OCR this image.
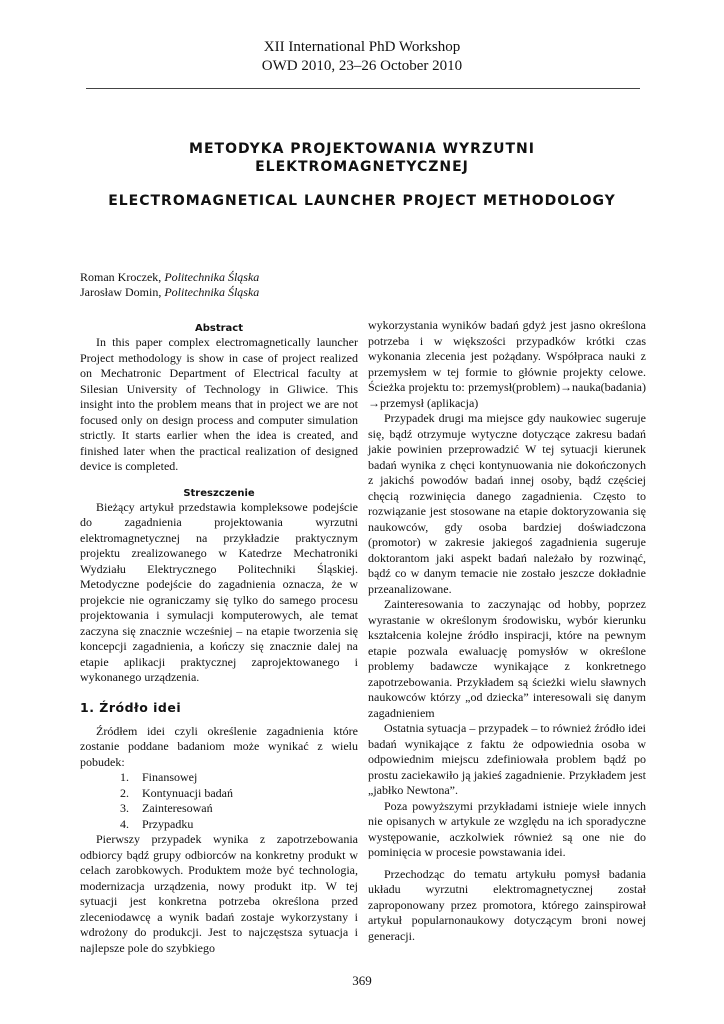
XII International PhD Workshop
OWD 2010, 23–26 October 2010
METODYKA PROJEKTOWANIA WYRZUTNI
ELEKTROMAGNETYCZNEJ
ELECTROMAGNETICAL LAUNCHER PROJECT METHODOLOGY
Roman Kroczek, Politechnika Śląska
Jarosław Domin, Politechnika Śląska
Abstract

In this paper complex electromagnetically launcher Project methodology is show in case of project realized on Mechatronic Department of Electrical faculty at Silesian University of Technology in Gliwice. This insight into the problem means that in project we are not focused only on design process and computer simulation strictly. It starts earlier when the idea is created, and finished later when the practical realization of designed device is completed.

Streszczenie

Bieżący artykuł przedstawia kompleksowe podejście do zagadnienia projektowania wyrzutni elektromagnetycznej na przykładzie praktycznym projektu zrealizowanego w Katedrze Mechatroniki Wydziału Elektrycznego Politechniki Śląskiej. Metodyczne podejście do zagadnienia oznacza, że w projekcie nie ograniczamy się tylko do samego procesu projektowania i symulacji komputerowych, ale temat zaczyna się znacznie wcześniej – na etapie tworzenia się koncepcji zagadnienia, a kończy się znacznie dalej na etapie aplikacji praktycznej zaprojektowanego i wykonanego urządzenia.

1. Źródło idei

Źródłem idei czyli określenie zagadnienia które zostanie poddane badaniom może wynikać z wielu pobudek:

1. Finansowej
2. Kontynuacji badań
3. Zainteresowań
4. Przypadku

Pierwszy przypadek wynika z zapotrzebowania odbiorcy bądź grupy odbiorców na konkretny produkt w celach zarobkowych. Produktem może być technologia, modernizacja urządzenia, nowy produkt itp. W tej sytuacji jest konkretna potrzeba określona przed zleceniodawcę a wynik badań zostaje wykorzystany i wdrożony do produkcji. Jest to najczęstsza sytuacja i najlepsze pole do szybkiego

wykorzystania wyników badań gdyż jest jasno określona potrzeba i w większości przypadków krótki czas wykonania zlecenia jest pożądany. Współpraca nauki z przemysłem w tej formie to głównie projekty celowe. Ścieżka projektu to: przemysł(problem)→nauka(badania) →przemysł (aplikacja)

Przypadek drugi ma miejsce gdy naukowiec sugeruje się, bądź otrzymuje wytyczne dotyczące zakresu badań jakie powinien przeprowadzić W tej sytuacji kierunek badań wynika z chęci kontynuowania nie dokończonych z jakichś powodów badań innej osoby, bądź częściej chęcią rozwinięcia danego zagadnienia. Często to rozwiązanie jest stosowane na etapie doktoryzowania się naukowców, gdy osoba bardziej doświadczona (promotor) w zakresie jakiegoś zagadnienia sugeruje doktorantom jaki aspekt badań należało by rozwinąć, bądź co w danym temacie nie zostało jeszcze dokładnie przeanalizowane.

Zainteresowania to zaczynając od hobby, poprzez wyrastanie w określonym środowisku, wybór kierunku kształcenia kolejne źródło inspiracji, które na pewnym etapie pozwala ewaluację pomysłów w określone problemy badawcze wynikające z konkretnego zapotrzebowania. Przykładem są ścieżki wielu sławnych naukowców którzy „od dziecka” interesowali się danym zagadnieniem

Ostatnia sytuacja – przypadek – to również źródło idei badań wynikające z faktu że odpowiednia osoba w odpowiednim miejscu zdefiniowała problem bądź po prostu zaciekawiło ją jakieś zagadnienie. Przykładem jest „jabłko Newtona”.

Poza powyższymi przykładami istnieje wiele innych nie opisanych w artykule ze względu na ich sporadyczne występowanie, aczkolwiek również są one nie do pominięcia w procesie powstawania idei.

Przechodząc do tematu artykułu pomysł badania układu wyrzutni elektromagnetycznej został zaproponowany przez promotora, którego zainspirował artykuł popularnonaukowy dotyczącym broni nowej generacji.

369
